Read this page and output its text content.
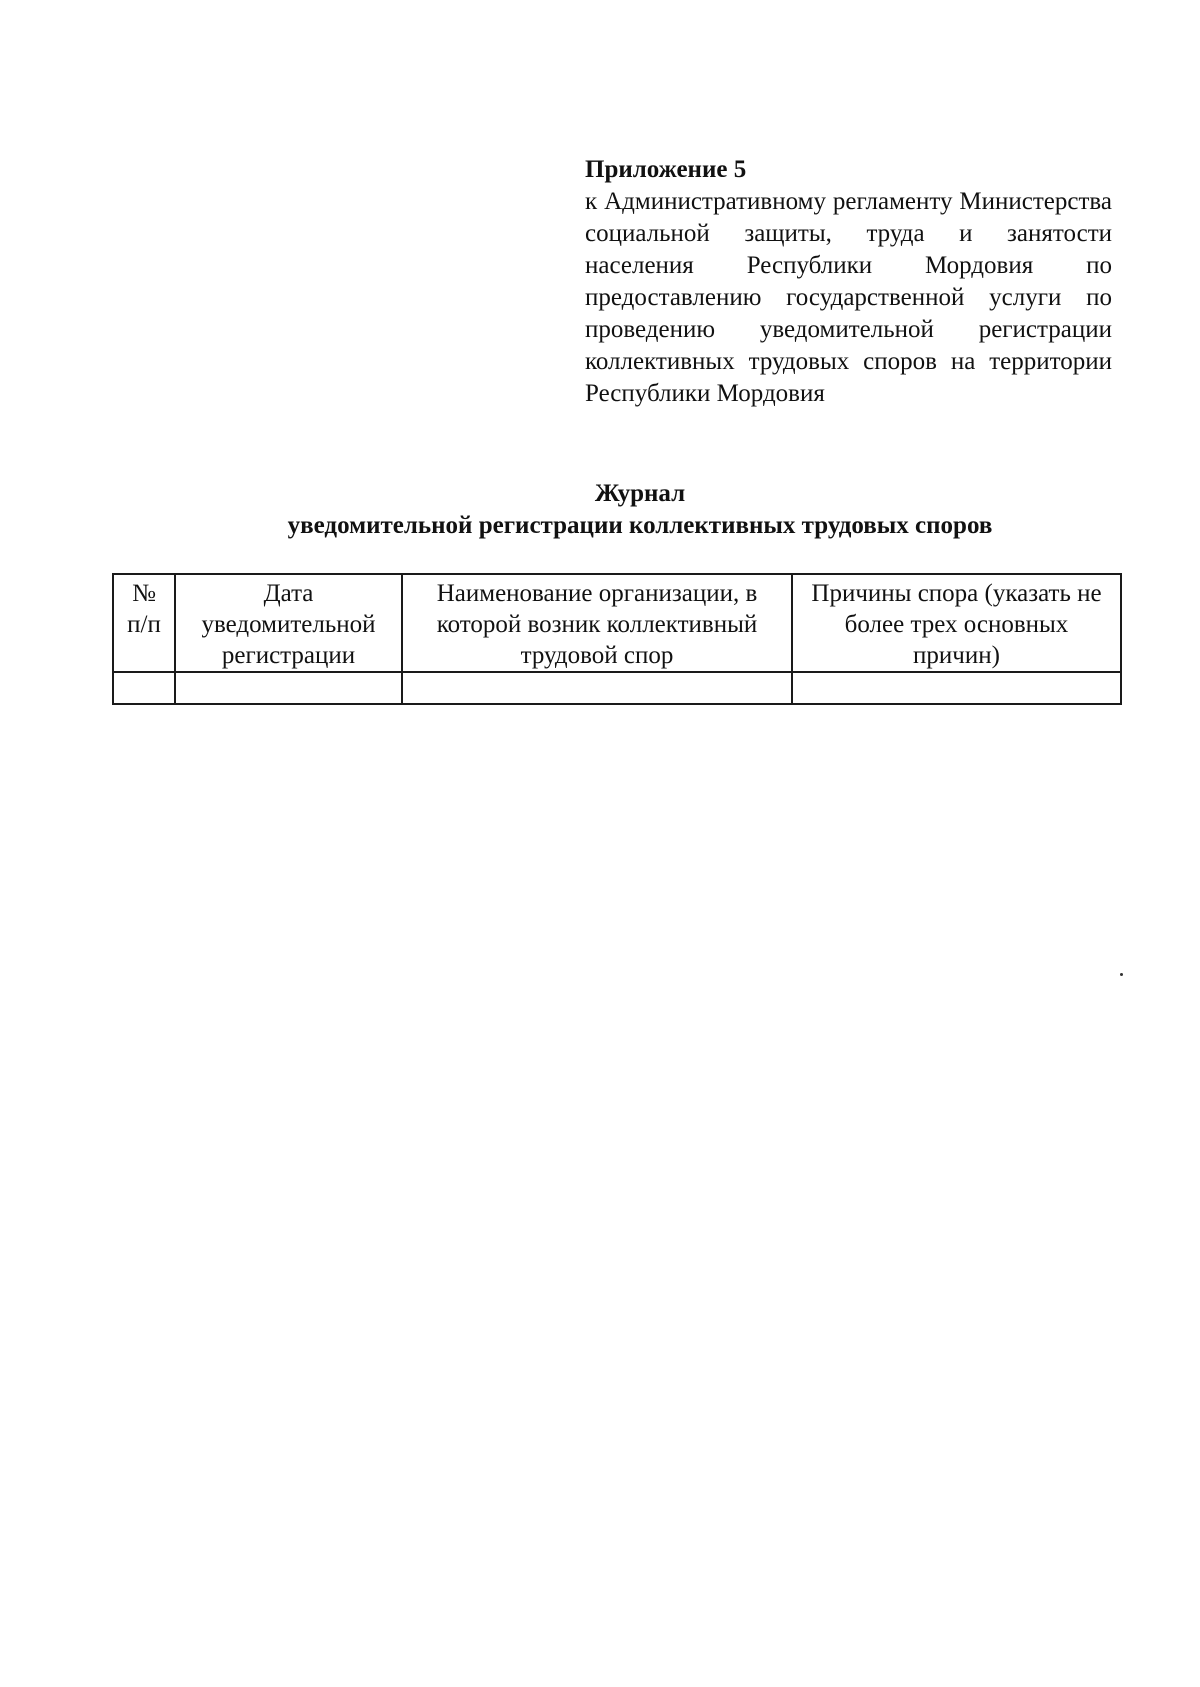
Приложение 5

к Административному регламенту Министерства социальной защиты, труда и занятости населения Республики Мордовия по предоставлению государственной услуги по проведению уведомительной регистрации коллективных трудовых споров на территории Республики Мордовия

Журнал
уведомительной регистрации коллективных трудовых споров
№ п/п	Дата уведомительной регистрации	Наименование организации, в которой возник коллективный трудовой спор	Причины спора (указать не более трех основных причин)
